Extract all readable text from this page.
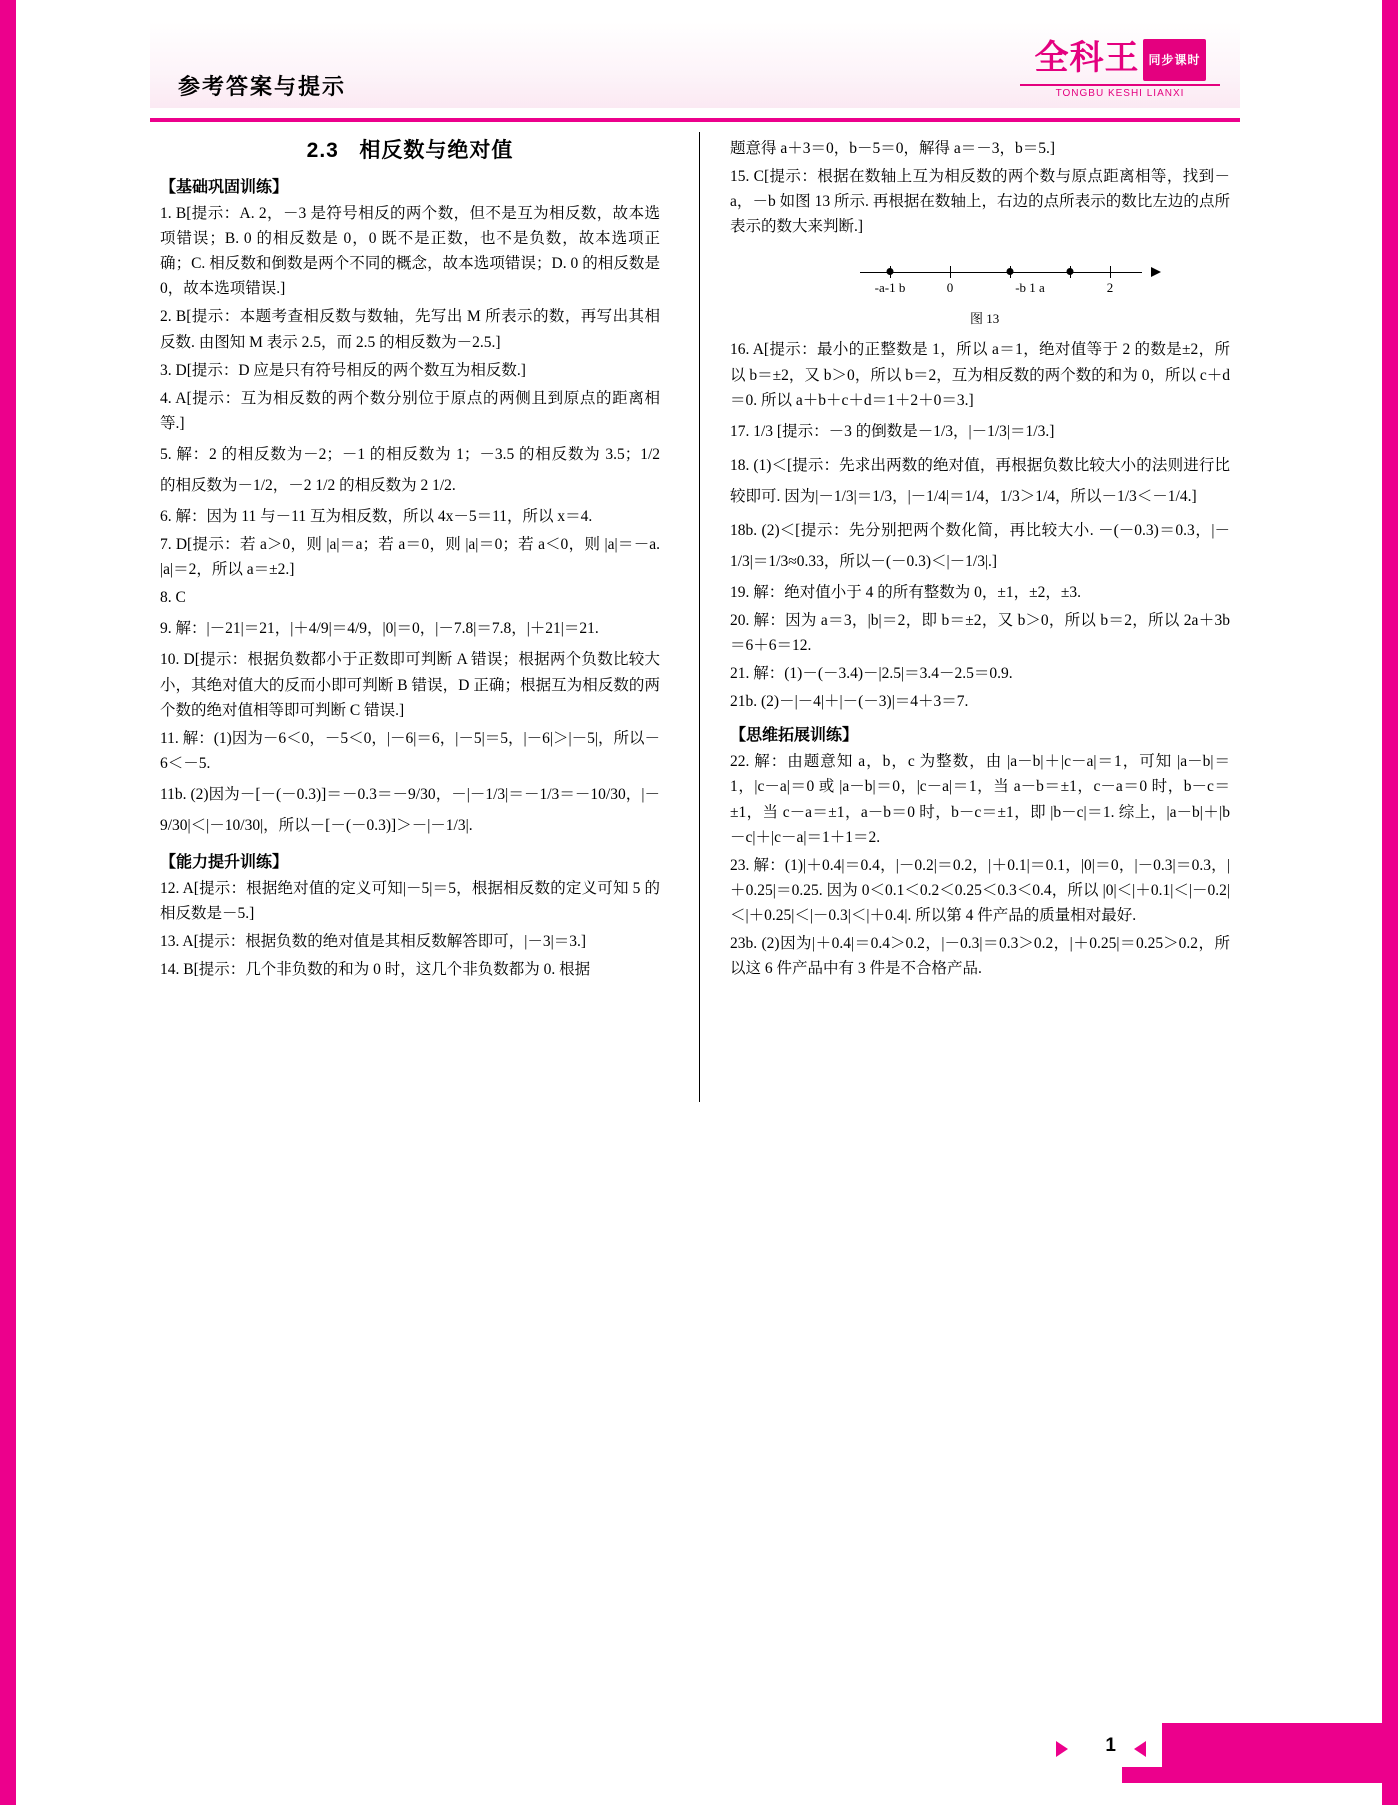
参考答案与提示
全科王 同步课时
TONGBU KESHI LIANXI
2.3 相反数与绝对值
【基础巩固训练】
1. B[提示：A. 2，－3 是符号相反的两个数，但不是互为相反数，故本选项错误；B. 0 的相反数是 0，0 既不是正数，也不是负数，故本选项正确；C. 相反数和倒数是两个不同的概念，故本选项错误；D. 0 的相反数是 0，故本选项错误.]
2. B[提示：本题考查相反数与数轴，先写出 M 所表示的数，再写出其相反数. 由图知 M 表示 2.5，而 2.5 的相反数为－2.5.]
3. D[提示：D 应是只有符号相反的两个数互为相反数.]
4. A[提示：互为相反数的两个数分别位于原点的两侧且到原点的距离相等.]
5. 解：2 的相反数为－2；－1 的相反数为 1；－3.5 的相反数为 3.5；1/2 的相反数为－1/2，－2 1/2 的相反数为 2 1/2.
6. 解：因为 11 与－11 互为相反数，所以 4x－5＝11，所以 x＝4.
7. D[提示：若 a＞0，则 |a|＝a；若 a＝0，则 |a|＝0；若 a＜0，则 |a|＝－a. |a|＝2，所以 a＝±2.]
8. C
9. 解：|－21|＝21，|＋4/9|＝4/9，|0|＝0，|－7.8|＝7.8，|＋21|＝21.
10. D[提示：根据负数都小于正数即可判断 A 错误；根据两个负数比较大小，其绝对值大的反而小即可判断 B 错误，D 正确；根据互为相反数的两个数的绝对值相等即可判断 C 错误.]
11. 解：(1)因为－6＜0，－5＜0，|－6|＝6，|－5|＝5，|－6|＞|－5|，所以－6＜－5.
11b. (2)因为－[－(－0.3)]＝－0.3＝－9/30，－|－1/3|＝－1/3＝－10/30，|－9/30|＜|－10/30|，所以－[－(－0.3)]＞－|－1/3|.
【能力提升训练】
12. A[提示：根据绝对值的定义可知|－5|＝5，根据相反数的定义可知 5 的相反数是－5.]
13. A[提示：根据负数的绝对值是其相反数解答即可，|－3|＝3.]
14. B[提示：几个非负数的和为 0 时，这几个非负数都为 0. 根据
题意得 a＋3＝0，b－5＝0，解得 a＝－3，b＝5.]
15. C[提示：根据在数轴上互为相反数的两个数与原点距离相等，找到－a，－b 如图 13 所示. 再根据在数轴上，右边的点所表示的数比左边的点所表示的数大来判断.]
-a-1 b	0	-b 1 a	2
图 13
16. A[提示：最小的正整数是 1，所以 a＝1，绝对值等于 2 的数是±2，所以 b＝±2，又 b＞0，所以 b＝2，互为相反数的两个数的和为 0，所以 c＋d＝0. 所以 a＋b＋c＋d＝1＋2＋0＝3.]
17. 1/3 [提示：－3 的倒数是－1/3，|－1/3|＝1/3.]
18. (1)＜[提示：先求出两数的绝对值，再根据负数比较大小的法则进行比较即可. 因为|－1/3|＝1/3，|－1/4|＝1/4，1/3＞1/4，所以－1/3＜－1/4.]
18b. (2)＜[提示：先分别把两个数化简，再比较大小. －(－0.3)＝0.3，|－1/3|＝1/3≈0.33，所以－(－0.3)＜|－1/3|.]
19. 解：绝对值小于 4 的所有整数为 0，±1，±2，±3.
20. 解：因为 a＝3，|b|＝2，即 b＝±2，又 b＞0，所以 b＝2，所以 2a＋3b＝6＋6＝12.
21. 解：(1)－(－3.4)－|2.5|＝3.4－2.5＝0.9.
21b. (2)－|－4|＋|－(－3)|＝4＋3＝7.
【思维拓展训练】
22. 解：由题意知 a，b，c 为整数，由 |a－b|＋|c－a|＝1，可知 |a－b|＝1，|c－a|＝0 或 |a－b|＝0，|c－a|＝1，当 a－b＝±1，c－a＝0 时，b－c＝±1，当 c－a＝±1，a－b＝0 时，b－c＝±1，即 |b－c|＝1. 综上，|a－b|＋|b－c|＋|c－a|＝1＋1＝2.
23. 解：(1)|＋0.4|＝0.4，|－0.2|＝0.2，|＋0.1|＝0.1，|0|＝0，|－0.3|＝0.3，|＋0.25|＝0.25. 因为 0＜0.1＜0.2＜0.25＜0.3＜0.4，所以 |0|＜|＋0.1|＜|－0.2|＜|＋0.25|＜|－0.3|＜|＋0.4|. 所以第 4 件产品的质量相对最好.
23b. (2)因为|＋0.4|＝0.4＞0.2，|－0.3|＝0.3＞0.2，|＋0.25|＝0.25＞0.2，所以这 6 件产品中有 3 件是不合格产品.
1
